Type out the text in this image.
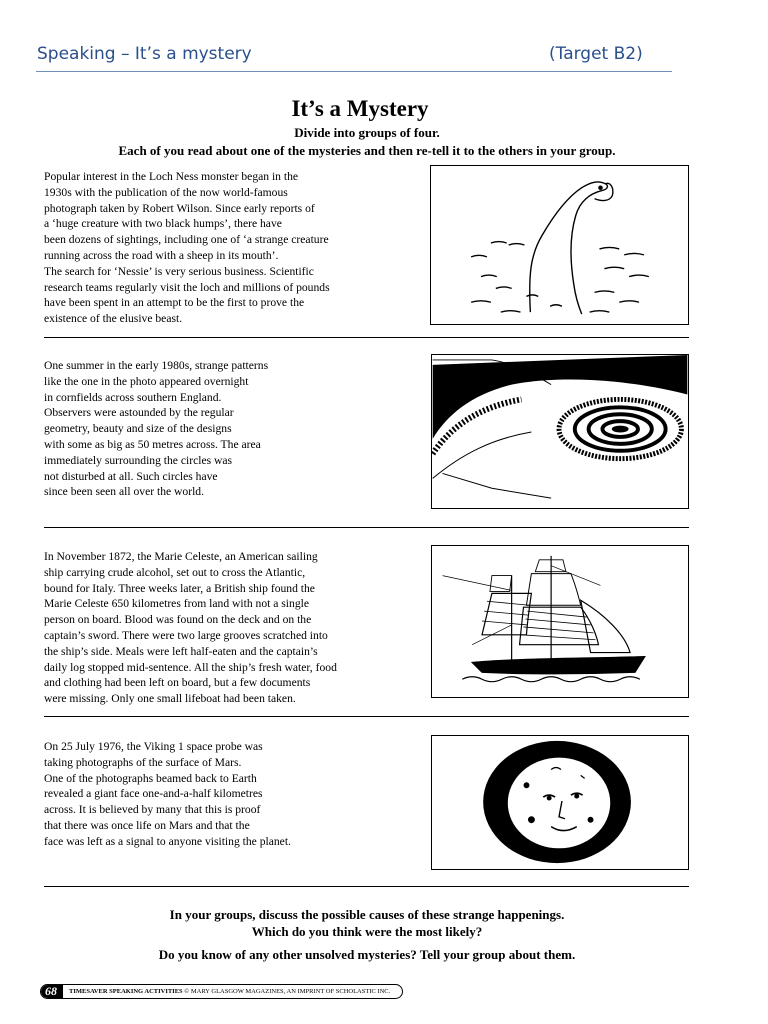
Speaking – It’s a mystery	(Target B2)
It’s a Mystery
Divide into groups of four.
Each of you read about one of the mysteries and then re-tell it to the others in your group.
Popular interest in the Loch Ness monster began in the
1930s with the publication of the now world-famous
photograph taken by Robert Wilson. Since early reports of
a ‘huge creature with two black humps’, there have
been dozens of sightings, including one of ‘a strange creature
running across the road with a sheep in its mouth’.
The search for ‘Nessie’ is very serious business. Scientific
research teams regularly visit the loch and millions of pounds
have been spent in an attempt to be the first to prove the
existence of the elusive beast.
One summer in the early 1980s, strange patterns
like the one in the photo appeared overnight
in cornfields across southern England.
Observers were astounded by the regular
geometry, beauty and size of the designs
with some as big as 50 metres across. The area
immediately surrounding the circles was
not disturbed at all. Such circles have
since been seen all over the world.
In November 1872, the Marie Celeste, an American sailing
ship carrying crude alcohol, set out to cross the Atlantic,
bound for Italy. Three weeks later, a British ship found the
Marie Celeste 650 kilometres from land with not a single
person on board. Blood was found on the deck and on the
captain’s sword. There were two large grooves scratched into
the ship’s side. Meals were left half-eaten and the captain’s
daily log stopped mid-sentence. All the ship’s fresh water, food
and clothing had been left on board, but a few documents
were missing. Only one small lifeboat had been taken.
On 25 July 1976, the Viking 1 space probe was
taking photographs of the surface of Mars.
One of the photographs beamed back to Earth
revealed a giant face one-and-a-half kilometres
across. It is believed by many that this is proof
that there was once life on Mars and that the
face was left as a signal to anyone visiting the planet.
In your groups, discuss the possible causes of these strange happenings.
Which do you think were the most likely?
Do you know of any other unsolved mysteries? Tell your group about them.
68	TIMESAVER SPEAKING ACTIVITIES © MARY GLASGOW MAGAZINES, AN IMPRINT OF SCHOLASTIC INC.
